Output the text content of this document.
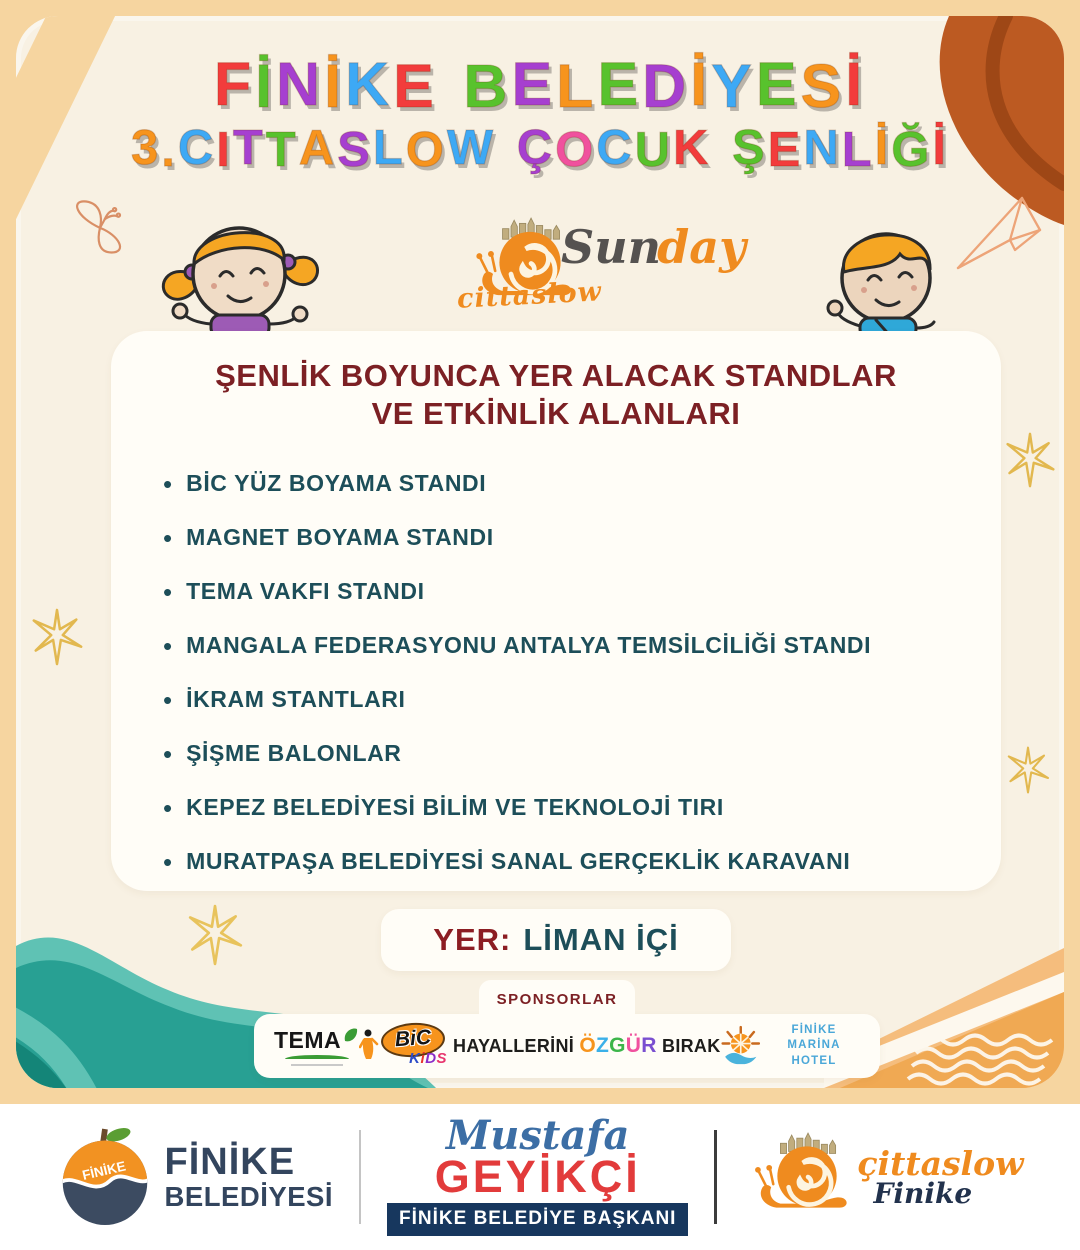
FİNİKE BELEDİYESİ
3.CITTASLOW ÇOCUK ŞENLİĞİ
cittaslow
Sunday
ŞENLİK BOYUNCA YER ALACAK STANDLAR
VE ETKİNLİK ALANLARI
• BİC YÜZ BOYAMA STANDI
• MAGNET BOYAMA STANDI
• TEMA VAKFI STANDI
• MANGALA FEDERASYONU ANTALYA TEMSİLCİLİĞİ STANDI
• İKRAM STANTLARI
• ŞİŞME BALONLAR
• KEPEZ BELEDİYESİ BİLİM VE TEKNOLOJİ TIRI
• MURATPAŞA BELEDİYESİ SANAL GERÇEKLİK KARAVANI
YER: LİMAN İÇİ
SPONSORLAR
TEMA	BiC
KiDS
HAYALLERİNİ ÖZGÜR BIRAK
FİNİKE MARİNA
HOTEL
FİNİKE FİNİKE
BELEDİYESİ
Mustafa
GEYİKÇİ
FİNİKE BELEDİYE BAŞKANI
çittaslow
Finike
